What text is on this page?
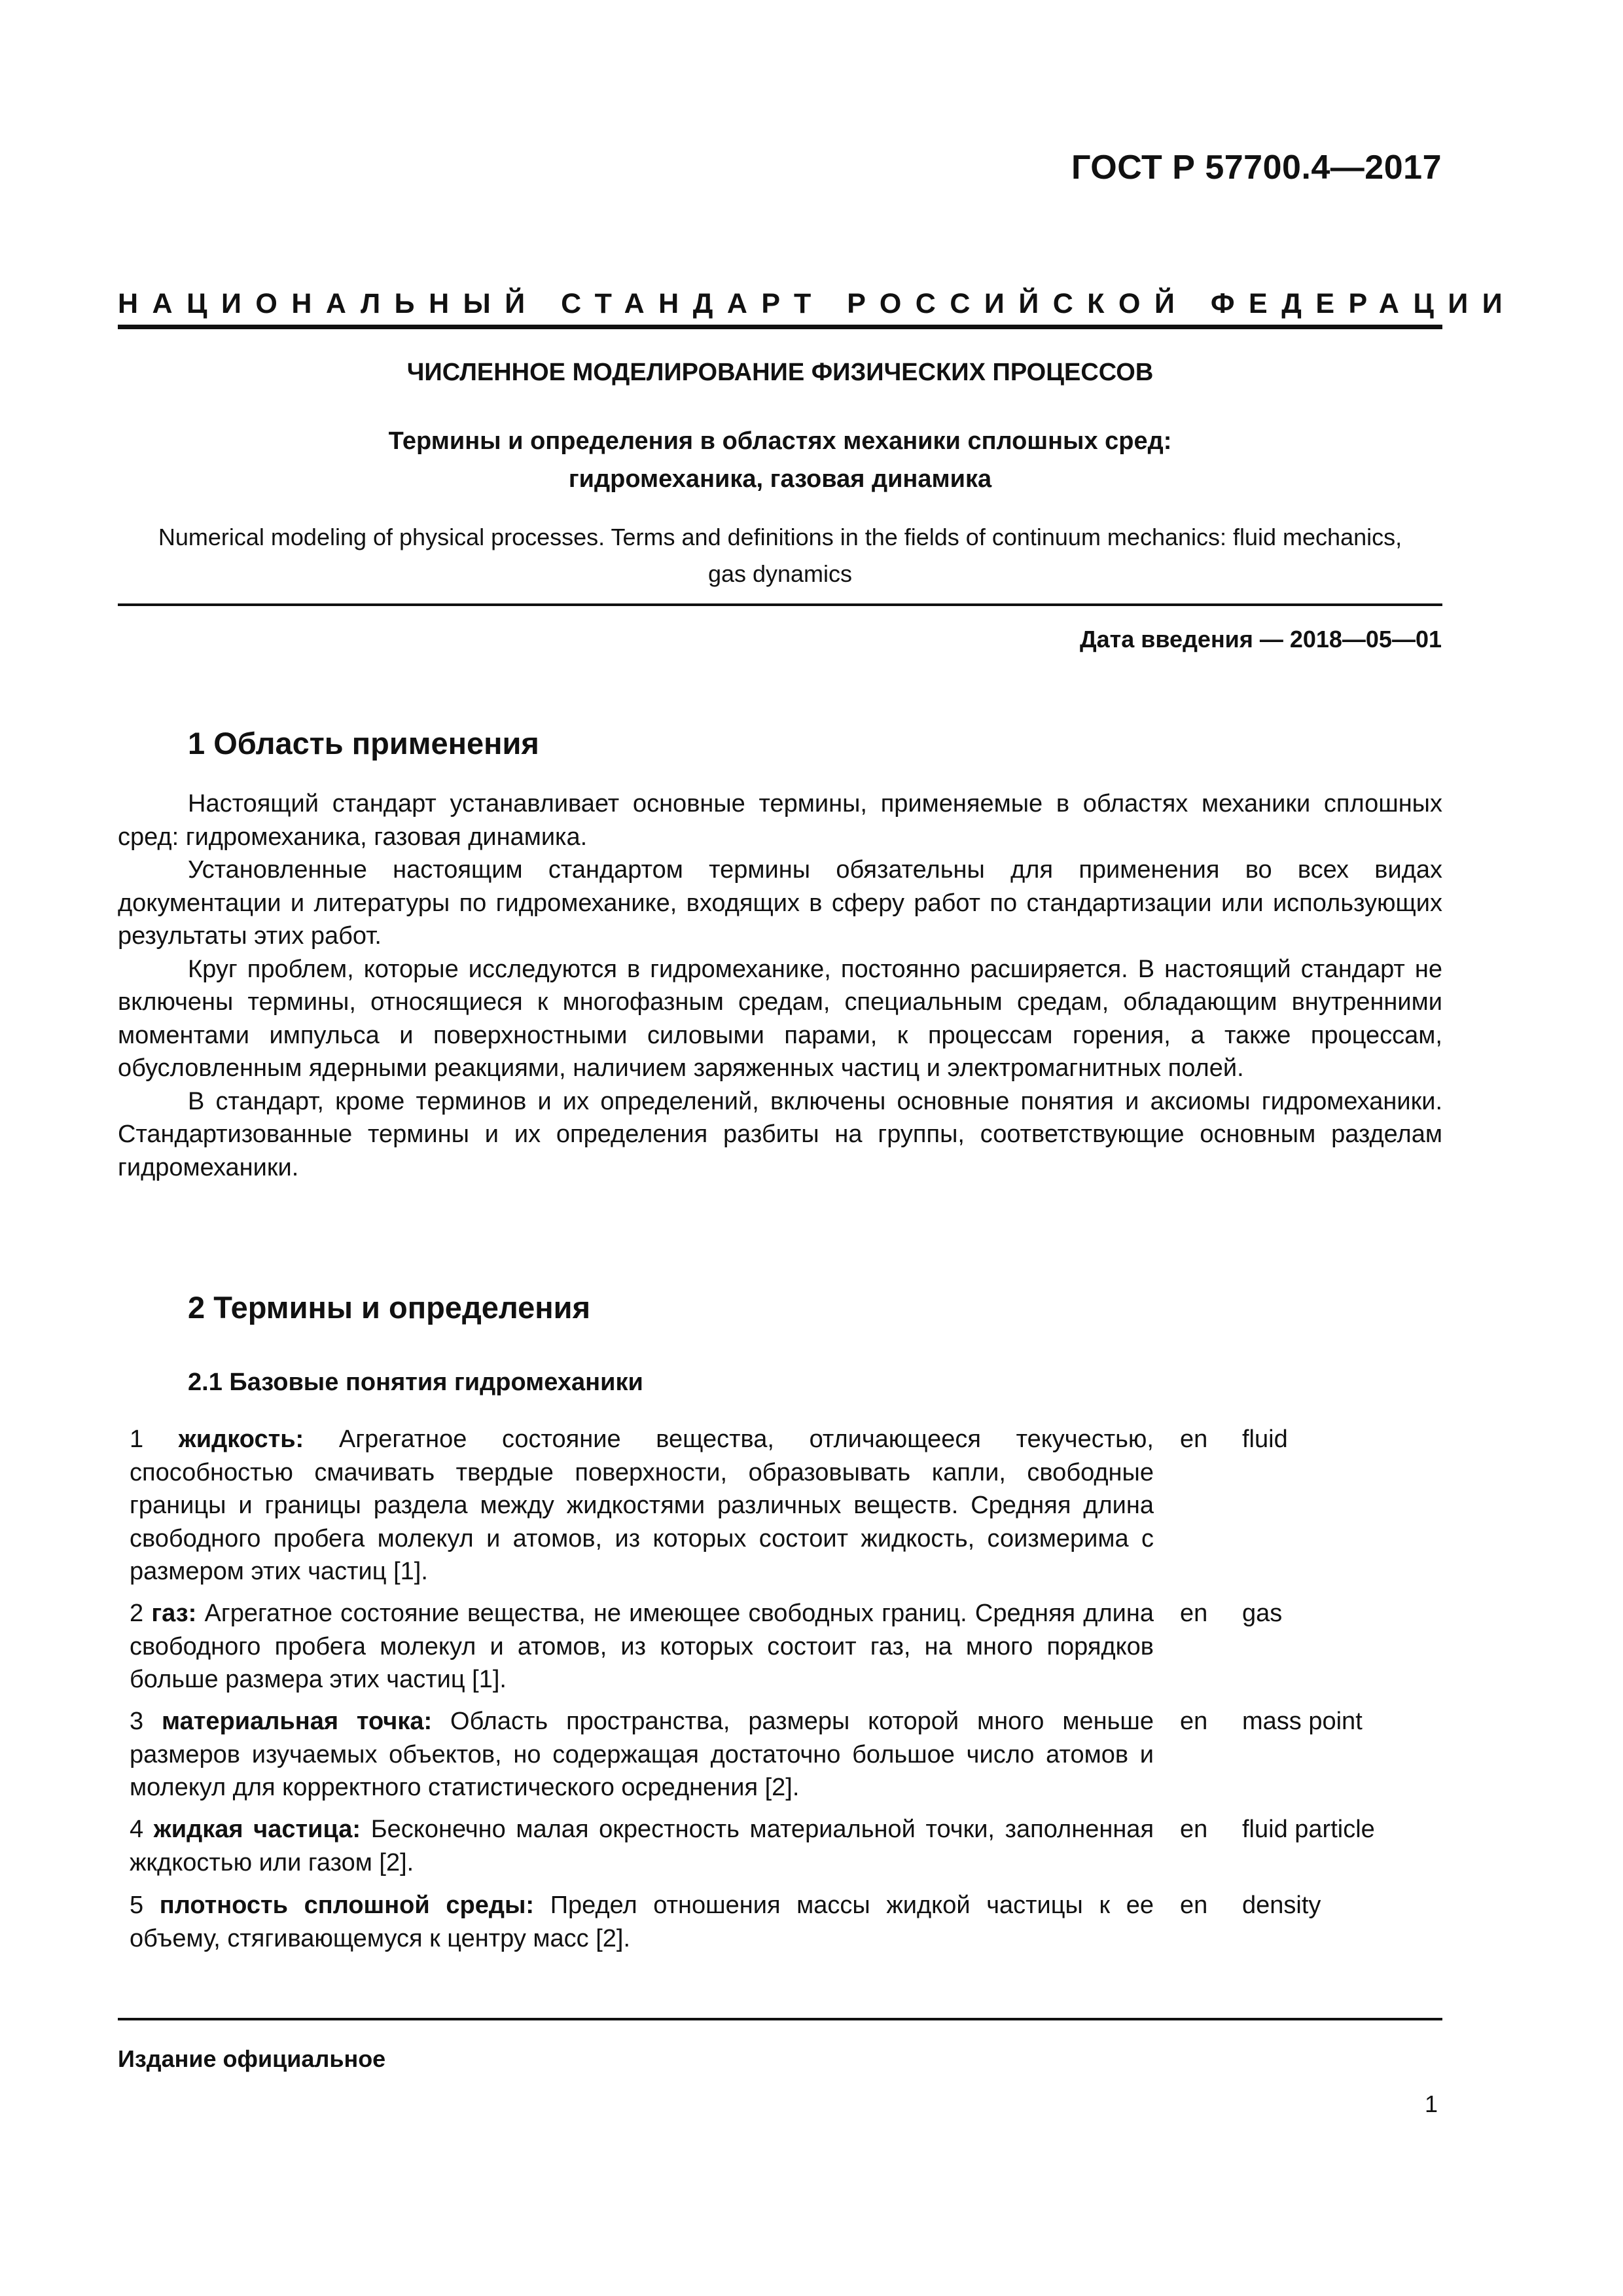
ГОСТ Р 57700.4—2017
НАЦИОНАЛЬНЫЙ СТАНДАРТ РОССИЙСКОЙ ФЕДЕРАЦИИ
ЧИСЛЕННОЕ МОДЕЛИРОВАНИЕ ФИЗИЧЕСКИХ ПРОЦЕССОВ
Термины и определения в областях механики сплошных сред:
гидромеханика, газовая динамика
Numerical modeling of physical processes. Terms and definitions in the fields of continuum mechanics: fluid mechanics,
gas dynamics
Дата введения — 2018—05—01
1 Область применения

Настоящий стандарт устанавливает основные термины, применяемые в областях механики сплошных сред: гидромеханика, газовая динамика.

Установленные настоящим стандартом термины обязательны для применения во всех видах документации и литературы по гидромеханике, входящих в сферу работ по стандартизации или использующих результаты этих работ.

Круг проблем, которые исследуются в гидромеханике, постоянно расширяется. В настоящий стандарт не включены термины, относящиеся к многофазным средам, специальным средам, обладающим внутренними моментами импульса и поверхностными силовыми парами, к процессам горения, а также процессам, обусловленным ядерными реакциями, наличием заряженных частиц и электромагнитных полей.

В стандарт, кроме терминов и их определений, включены основные понятия и аксиомы гидромеханики. Стандартизованные термины и их определения разбиты на группы, соответствующие основным разделам гидромеханики.

2 Термины и определения
2.1 Базовые понятия гидромеханики
1 жидкость: Агрегатное состояние вещества, отличающееся текучестью, способностью смачивать твердые поверхности, образовывать капли, свободные границы и границы раздела между жидкостями различных веществ. Средняя длина свободного пробега молекул и атомов, из которых состоит жидкость, соизмерима с размером этих частиц [1].
en fluid
2 газ: Агрегатное состояние вещества, не имеющее свободных границ. Средняя длина свободного пробега молекул и атомов, из которых состоит газ, на много порядков больше размера этих частиц [1].
en gas
3 материальная точка: Область пространства, размеры которой много меньше размеров изучаемых объектов, но содержащая достаточно большое число атомов и молекул для корректного статистического осреднения [2].
en mass point
4 жидкая частица: Бесконечно малая окрестность материальной точки, заполненная жкдкостью или газом [2].
en fluid particle
5 плотность сплошной среды: Предел отношения массы жидкой частицы к ее объему, стягивающемуся к центру масс [2].
en density
Издание официальное
1
